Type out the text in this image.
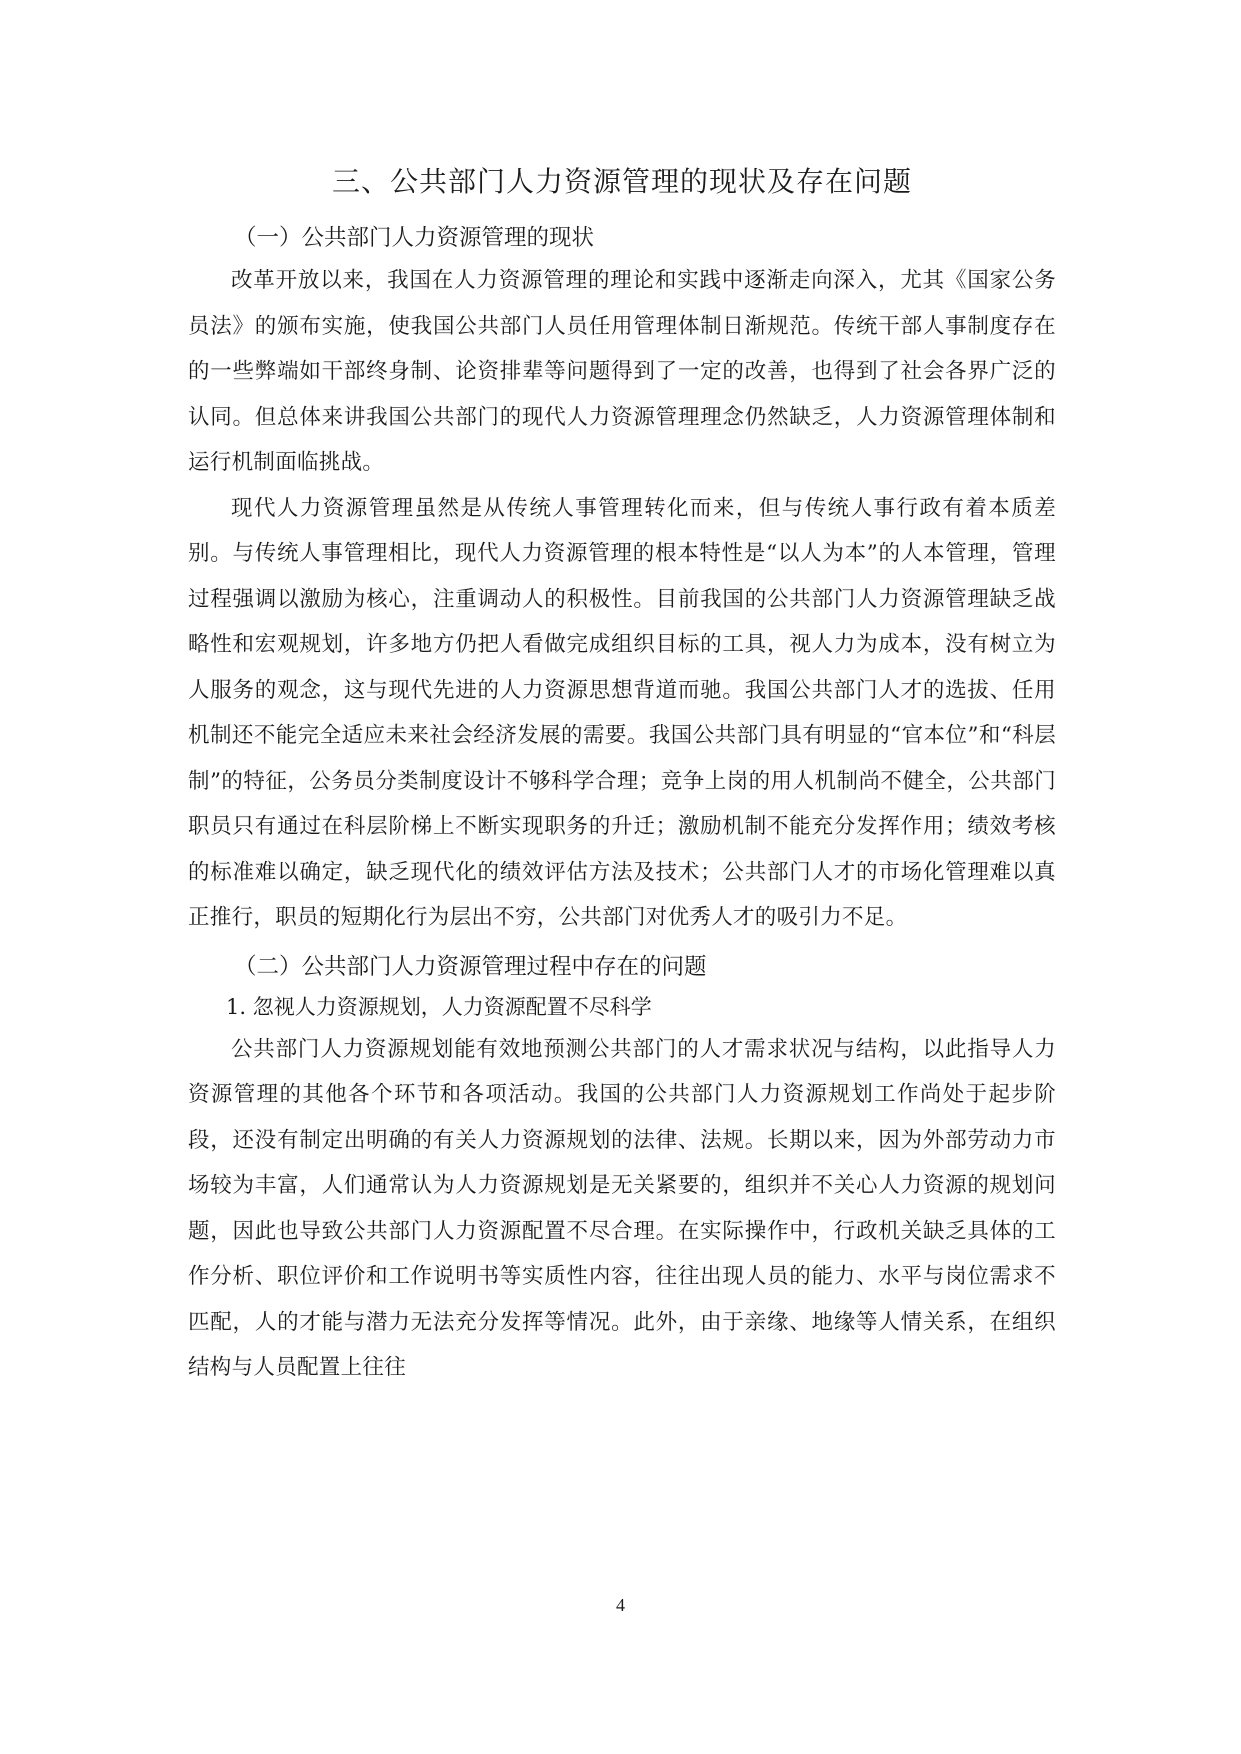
三、公共部门人力资源管理的现状及存在问题
（一）公共部门人力资源管理的现状

改革开放以来，我国在人力资源管理的理论和实践中逐渐走向深入，尤其《国家公务员法》的颁布实施，使我国公共部门人员任用管理体制日渐规范。传统干部人事制度存在的一些弊端如干部终身制、论资排辈等问题得到了一定的改善，也得到了社会各界广泛的认同。但总体来讲我国公共部门的现代人力资源管理理念仍然缺乏，人力资源管理体制和运行机制面临挑战。

现代人力资源管理虽然是从传统人事管理转化而来，但与传统人事行政有着本质差别。与传统人事管理相比，现代人力资源管理的根本特性是“以人为本”的人本管理，管理过程强调以激励为核心，注重调动人的积极性。目前我国的公共部门人力资源管理缺乏战略性和宏观规划，许多地方仍把人看做完成组织目标的工具，视人力为成本，没有树立为人服务的观念，这与现代先进的人力资源思想背道而驰。我国公共部门人才的选拔、任用机制还不能完全适应未来社会经济发展的需要。我国公共部门具有明显的“官本位”和“科层制”的特征，公务员分类制度设计不够科学合理；竞争上岗的用人机制尚不健全，公共部门职员只有通过在科层阶梯上不断实现职务的升迁；激励机制不能充分发挥作用；绩效考核的标准难以确定，缺乏现代化的绩效评估方法及技术；公共部门人才的市场化管理难以真正推行，职员的短期化行为层出不穷，公共部门对优秀人才的吸引力不足。

（二）公共部门人力资源管理过程中存在的问题
1. 忽视人力资源规划，人力资源配置不尽科学

公共部门人力资源规划能有效地预测公共部门的人才需求状况与结构，以此指导人力资源管理的其他各个环节和各项活动。我国的公共部门人力资源规划工作尚处于起步阶段，还没有制定出明确的有关人力资源规划的法律、法规。长期以来，因为外部劳动力市场较为丰富，人们通常认为人力资源规划是无关紧要的，组织并不关心人力资源的规划问题，因此也导致公共部门人力资源配置不尽合理。在实际操作中，行政机关缺乏具体的工作分析、职位评价和工作说明书等实质性内容，往往出现人员的能力、水平与岗位需求不匹配，人的才能与潜力无法充分发挥等情况。此外，由于亲缘、地缘等人情关系，在组织结构与人员配置上往往

4
